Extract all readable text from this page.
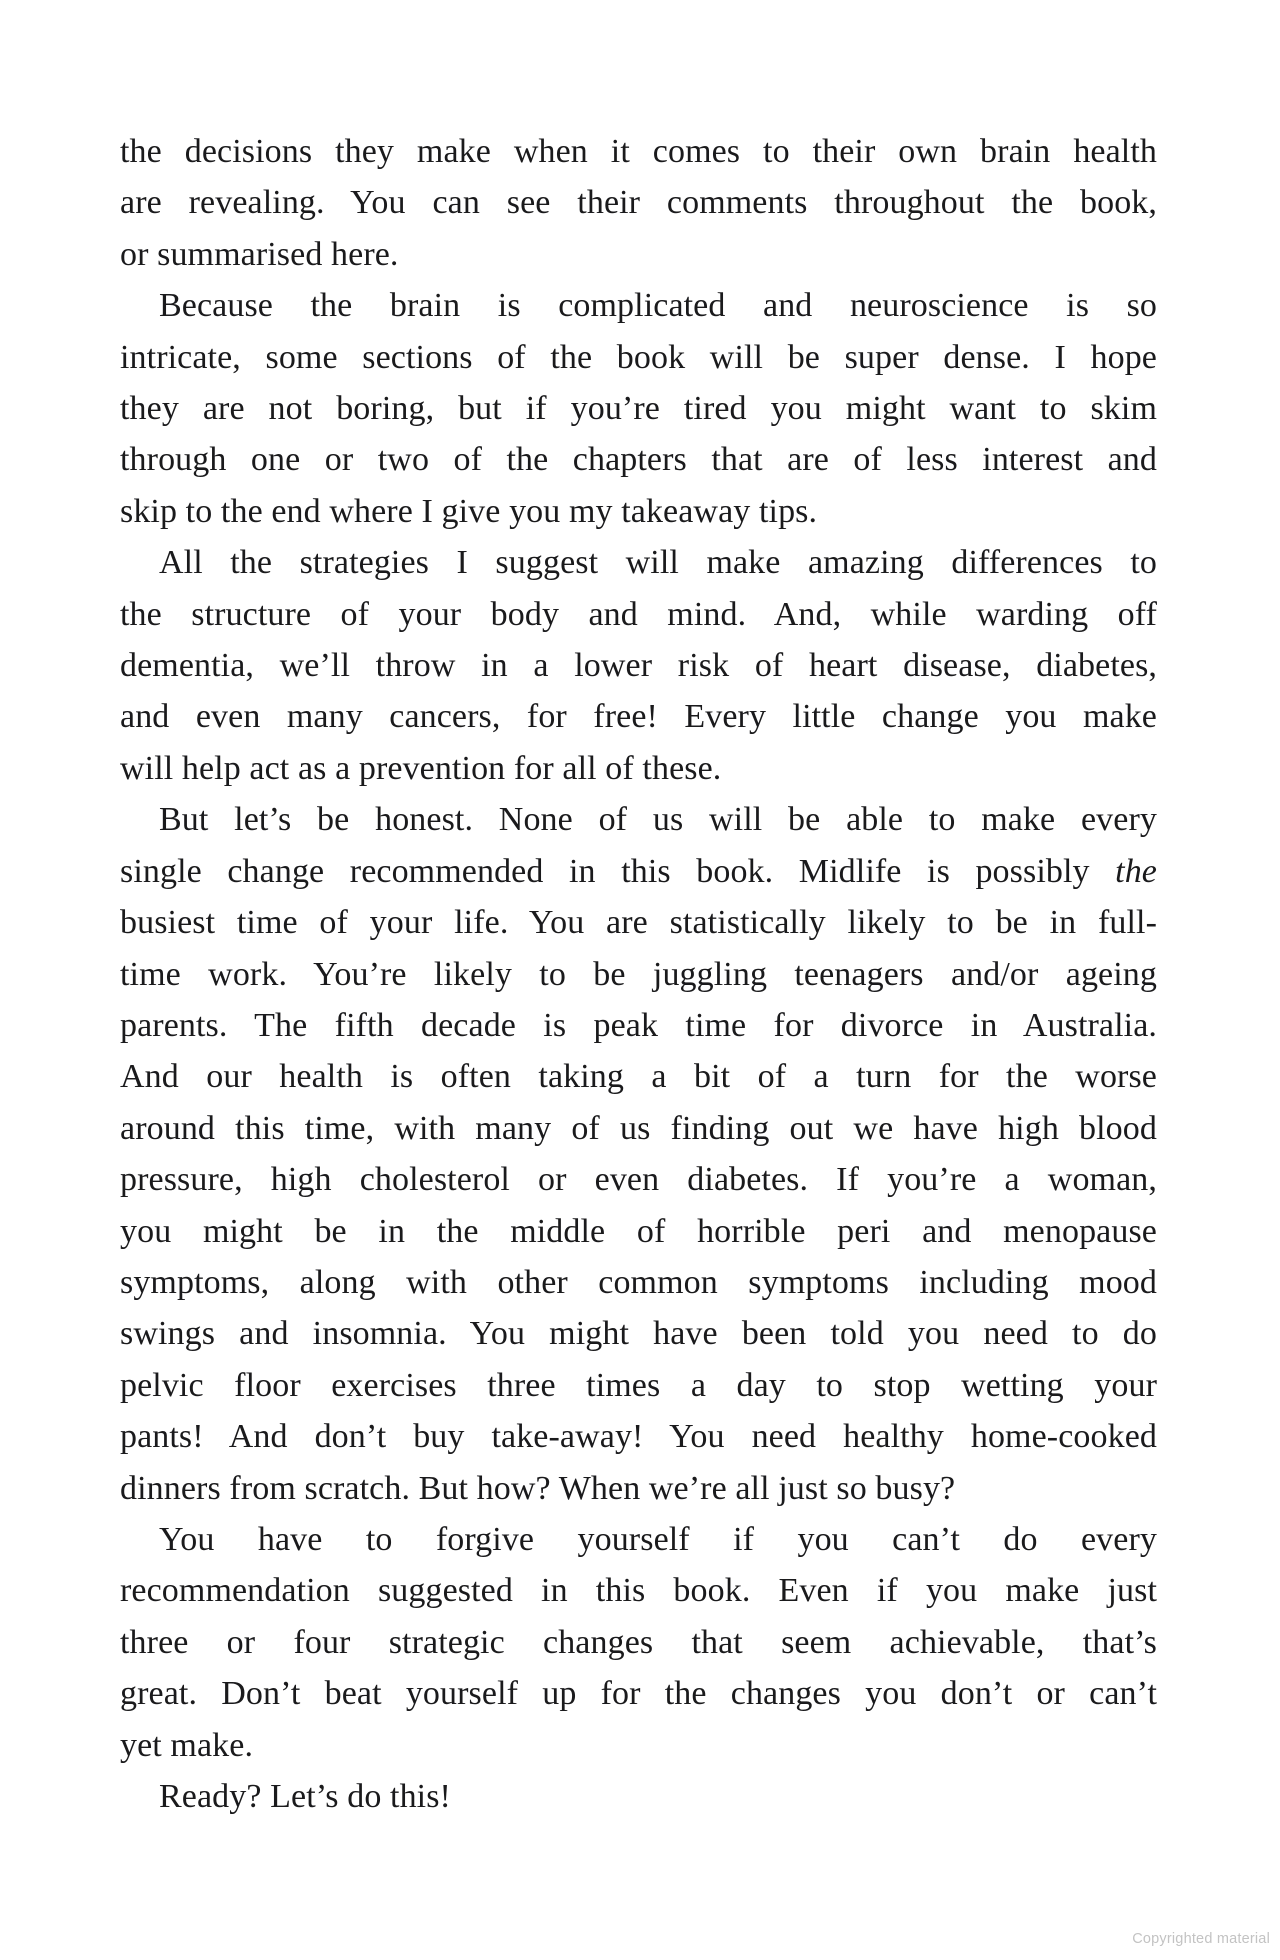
the decisions they make when it comes to their own brain health
are revealing. You can see their comments throughout the book,
or summarised here.
Because the brain is complicated and neuroscience is so
intricate, some sections of the book will be super dense. I hope
they are not boring, but if you’re tired you might want to skim
through one or two of the chapters that are of less interest and
skip to the end where I give you my takeaway tips.
All the strategies I suggest will make amazing differences to
the structure of your body and mind. And, while warding off
dementia, we’ll throw in a lower risk of heart disease, diabetes,
and even many cancers, for free! Every little change you make
will help act as a prevention for all of these.
But let’s be honest. None of us will be able to make every
single change recommended in this book. Midlife is possibly the
busiest time of your life. You are statistically likely to be in full-
time work. You’re likely to be juggling teenagers and/or ageing
parents. The fifth decade is peak time for divorce in Australia.
And our health is often taking a bit of a turn for the worse
around this time, with many of us finding out we have high blood
pressure, high cholesterol or even diabetes. If you’re a woman,
you might be in the middle of horrible peri and menopause
symptoms, along with other common symptoms including mood
swings and insomnia. You might have been told you need to do
pelvic floor exercises three times a day to stop wetting your
pants! And don’t buy take-away! You need healthy home-cooked
dinners from scratch. But how? When we’re all just so busy?
You have to forgive yourself if you can’t do every
recommendation suggested in this book. Even if you make just
three or four strategic changes that seem achievable, that’s
great. Don’t beat yourself up for the changes you don’t or can’t
yet make.
Ready? Let’s do this!
Copyrighted material
